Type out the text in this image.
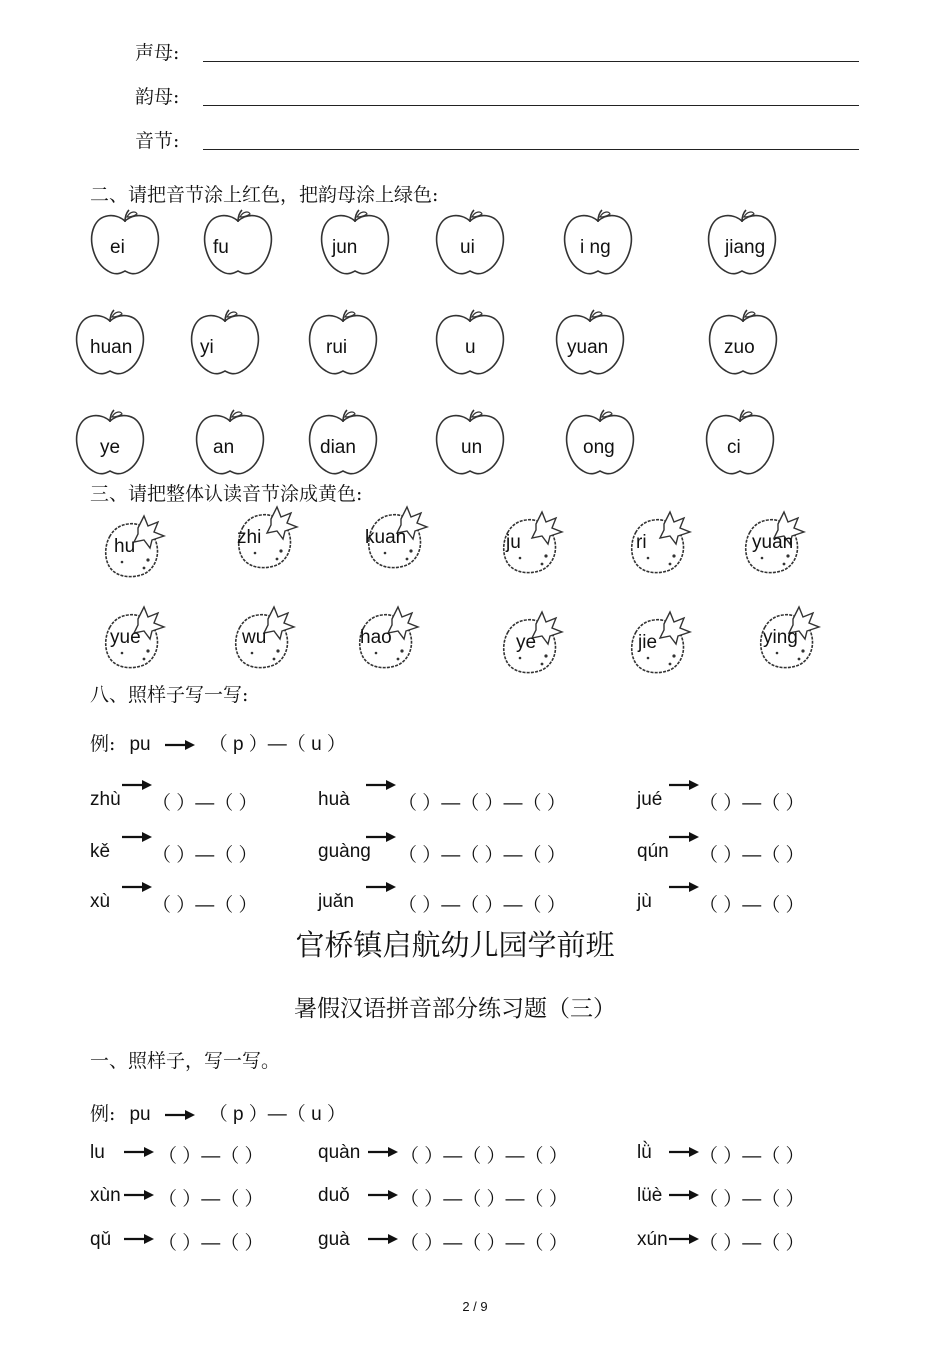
声母:
韵母:
音节:
二、请把音节涂上红色，把韵母涂上绿色:
ei	fu	jun	ui	i ng	jiang
huan	yi	rui	u	yuan	zuo
ye	an	dian	un	ong	ci
三、请把整体认读音节涂成黄色:
hu	zhi	kuan	ju	ri	yuan
yue	wu	hao	ye	jie	ying
八、照样子写一写:
例: pu	（ p ）—（ u ）
zhù （ ）—（ ）	huà	（ ）—（ ）—（ ）	jué （ ）—（ ）
kě （ ）—（ ）	guàng （ ）—（ ）—（ ）	qún （ ）—（ ）
xù （ ）—（ ）	juǎn （ ）—（ ）—（ ）	jù （ ）—（ ）
官桥镇启航幼儿园学前班
暑假汉语拼音部分练习题（三）
一、照样子，写一写。
例: pu	（ p ）—（ u ）
lu	（ ）—（ ）	quàn （ ）—（ ）—（ ）	lǜ （ ）—（ ）
xùn （ ）—（ ）	duǒ	（ ）—（ ）—（ ）	lüè （ ）—（ ）
qǔ （ ）—（ ）	guà	（ ）—（ ）—（ ）	xún （ ）—（ ）
2 / 9
